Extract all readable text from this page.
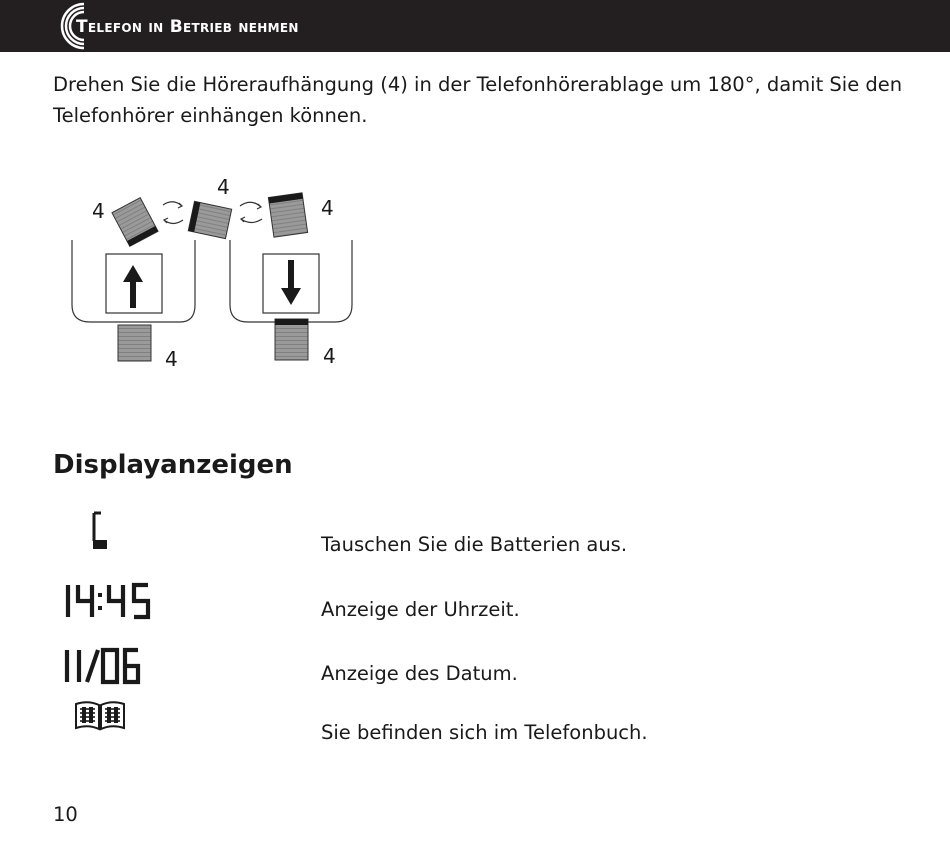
Telefon in Betrieb nehmen
Drehen Sie die Höreraufhängung (4) in der Telefonhörerablage um 180°, damit Sie den Telefonhörer einhängen können.
4
4
4
4	4
Displayanzeigen
Tauschen Sie die Batterien aus.
Anzeige der Uhrzeit.
Anzeige des Datum.
Sie befinden sich im Telefonbuch.
10
